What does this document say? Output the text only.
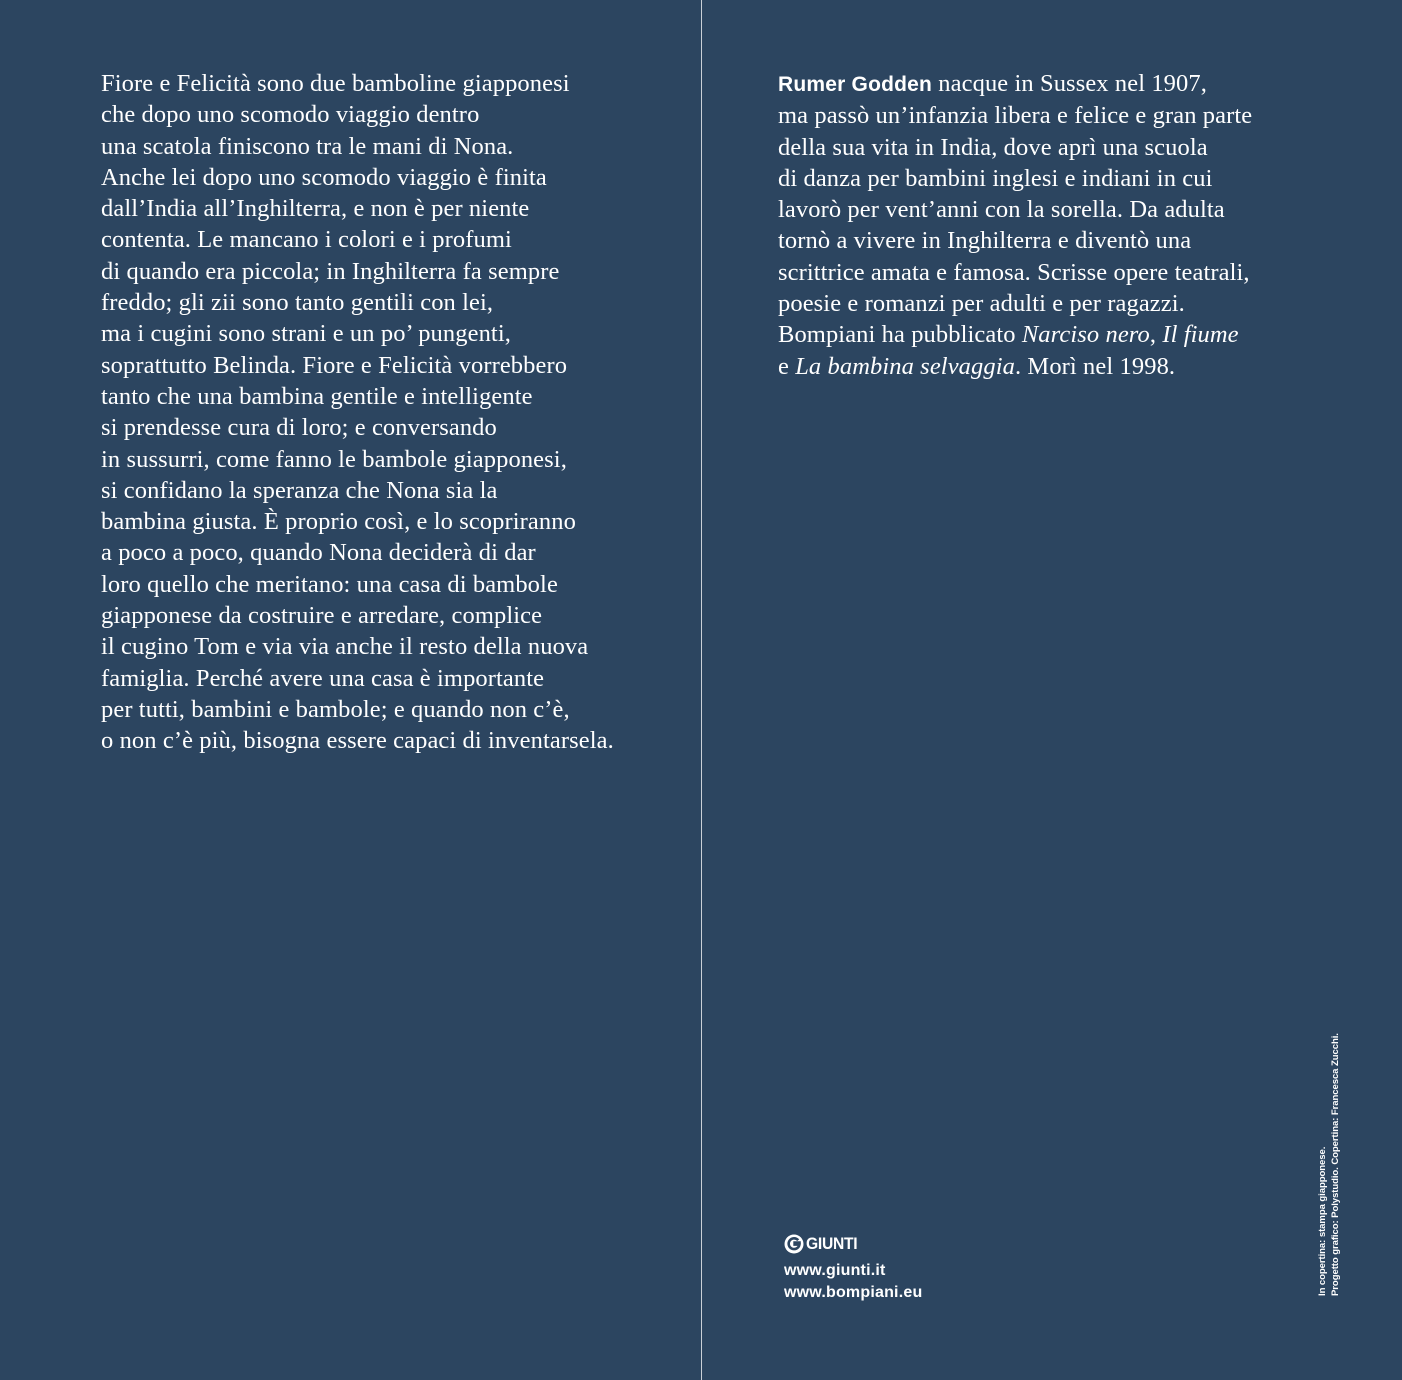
Fiore e Felicità sono due bamboline giapponesi
che dopo uno scomodo viaggio dentro
una scatola finiscono tra le mani di Nona.
Anche lei dopo uno scomodo viaggio è finita
dall’India all’Inghilterra, e non è per niente
contenta. Le mancano i colori e i profumi
di quando era piccola; in Inghilterra fa sempre
freddo; gli zii sono tanto gentili con lei,
ma i cugini sono strani e un po’ pungenti,
soprattutto Belinda. Fiore e Felicità vorrebbero
tanto che una bambina gentile e intelligente
si prendesse cura di loro; e conversando
in sussurri, come fanno le bambole giapponesi,
si confidano la speranza che Nona sia la
bambina giusta. È proprio così, e lo scopriranno
a poco a poco, quando Nona deciderà di dar
loro quello che meritano: una casa di bambole
giapponese da costruire e arredare, complice
il cugino Tom e via via anche il resto della nuova
famiglia. Perché avere una casa è importante
per tutti, bambini e bambole; e quando non c’è,
o non c’è più, bisogna essere capaci di inventarsela.
Rumer Godden nacque in Sussex nel 1907,
ma passò un’infanzia libera e felice e gran parte
della sua vita in India, dove aprì una scuola
di danza per bambini inglesi e indiani in cui
lavorò per vent’anni con la sorella. Da adulta
tornò a vivere in Inghilterra e diventò una
scrittrice amata e famosa. Scrisse opere teatrali,
poesie e romanzi per adulti e per ragazzi.
Bompiani ha pubblicato Narciso nero, Il fiume
e La bambina selvaggia. Morì nel 1998.
GIUNTI
www.giunti.it
www.bompiani.eu	In copertina: stampa giapponese. Progetto grafico: Polystudio. Copertina: Francesca Zucchi.
